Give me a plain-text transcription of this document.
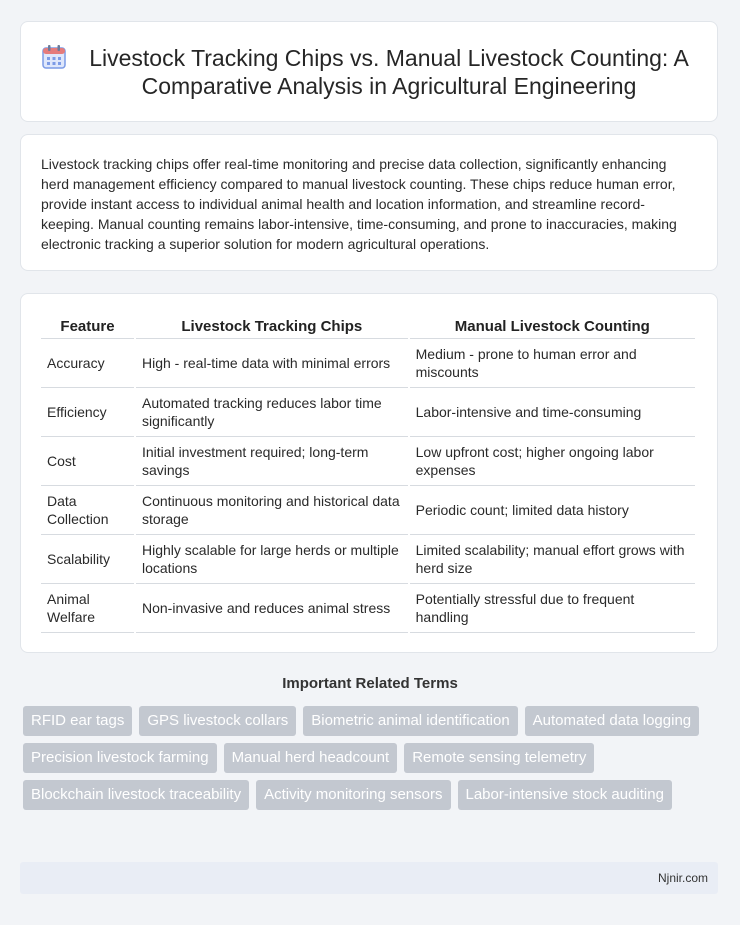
Livestock Tracking Chips vs. Manual Livestock Counting: A Comparative Analysis in Agricultural Engineering

Livestock tracking chips offer real-time monitoring and precise data collection, significantly enhancing herd management efficiency compared to manual livestock counting. These chips reduce human error, provide instant access to individual animal health and location information, and streamline record-keeping. Manual counting remains labor-intensive, time-consuming, and prone to inaccuracies, making electronic tracking a superior solution for modern agricultural operations.

Feature	Livestock Tracking Chips	Manual Livestock Counting
Accuracy	High - real-time data with minimal errors	Medium - prone to human error and miscounts
Efficiency	Automated tracking reduces labor time significantly	Labor-intensive and time-consuming
Cost	Initial investment required; long-term savings	Low upfront cost; higher ongoing labor expenses
Data Collection	Continuous monitoring and historical data storage	Periodic count; limited data history
Scalability	Highly scalable for large herds or multiple locations	Limited scalability; manual effort grows with herd size
Animal Welfare	Non-invasive and reduces animal stress	Potentially stressful due to frequent handling
Important Related Terms
RFID ear tags	GPS livestock collars	Biometric animal identification	Automated data logging
Precision livestock farming	Manual herd headcount	Remote sensing telemetry
Blockchain livestock traceability	Activity monitoring sensors	Labor-intensive stock auditing
Njnir.com
